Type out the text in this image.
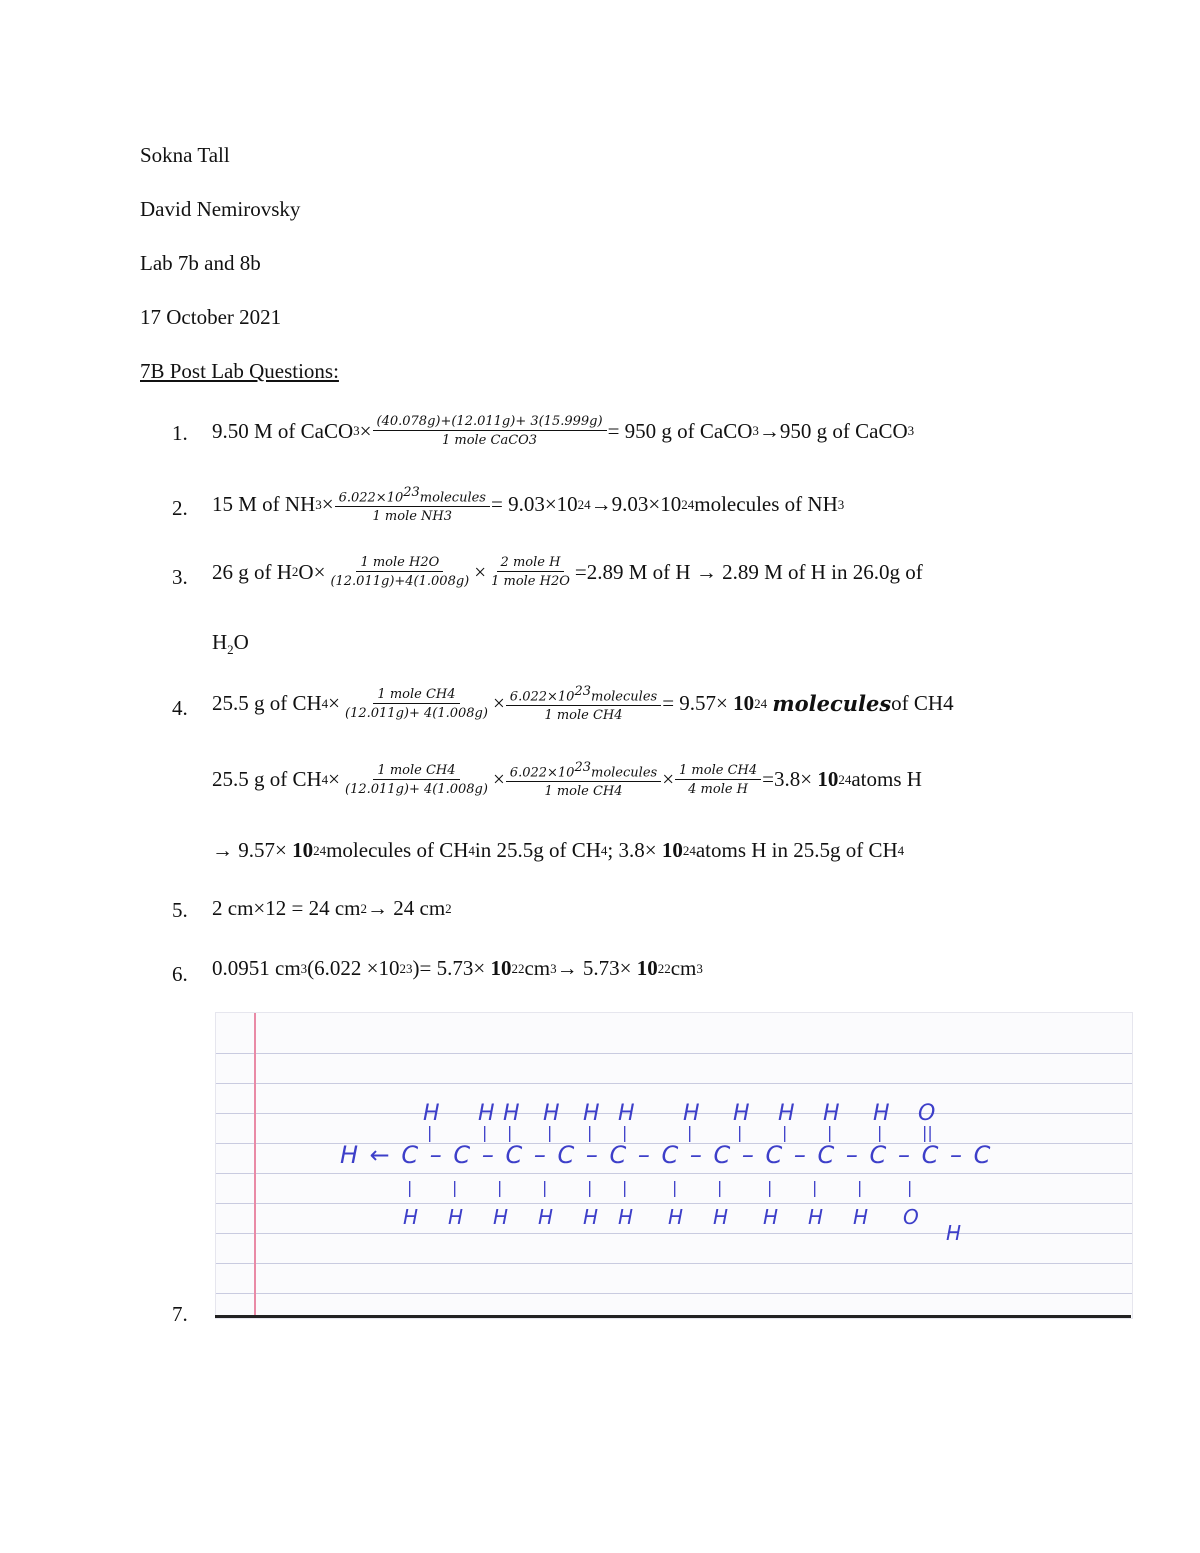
Sokna Tall
David Nemirovsky
Lab 7b and 8b
17 October 2021
7B Post Lab Questions:
1. 9.50 M of CaCO $3 \times \frac{(40.078g)+(12.011g)+ 3(15.999g)}{\text{1 mole CaCO3}} = 950$ g of CaCO 3 → 950 g of CaCO 3
2. 15 M of NH $3 \times \frac{6.022\times 10^{23}molecules}{\text{1 mole NH3}} = 9.03\times 10$ 24 → 9.03×10 24 molecules of NH 3
3. 26 g of H 2 $O\times \frac{\text{1 mole H2O}}{(12.011g)+4(1.008g)} \times \frac{\text{2 mole H}}{\text{1 mole H2O}} =2.89$ M of H → 2.89 M of H in 26.0g of
$H_2O$
4. 25.5 g of CH $4 \times \frac{\text{1 mole CH4}}{(12.011g)+ 4(1.008g)} \times \frac{6.022\times 10^{23}molecules}{\text{1 mole CH4}} = 9.57\times$
10 24
molecules of CH4
25.5 g of CH $4 \times \frac{\text{1 mole CH4}}{(12.011g)+ 4(1.008g)} \times \frac{6.022\times 10^{23}molecules}{\text{1 mole CH4}} \times \frac{\text{1 mole CH4}}{\text{4 mole H}} =3.8\times$
10 24 atoms H
→ 9.57×
10 24 molecules of CH 4 in 25.5g of CH 4 ; 3.8×
10 24 atoms H in 25.5g of CH 4
5. 2 cm×12 = 24 cm 2 → 24 cm 2
6. 0.0951 cm 3 (6.022 ×10 23 )= 5.73×
10 22 cm 3 → 5.73×
10 22 cm 3
7.
H
|
H
|
H
|
H
|
H
|
H
|
H
|
H
|
H
|
H
|
H
|
O
||
H ← C – C – C – C – C – C – C – C – C – C – C – C
|
H
|
H
|
H
|
H
|
H
|
H
|
H
|
H
|
H
|
H
|
H
|
O
H
